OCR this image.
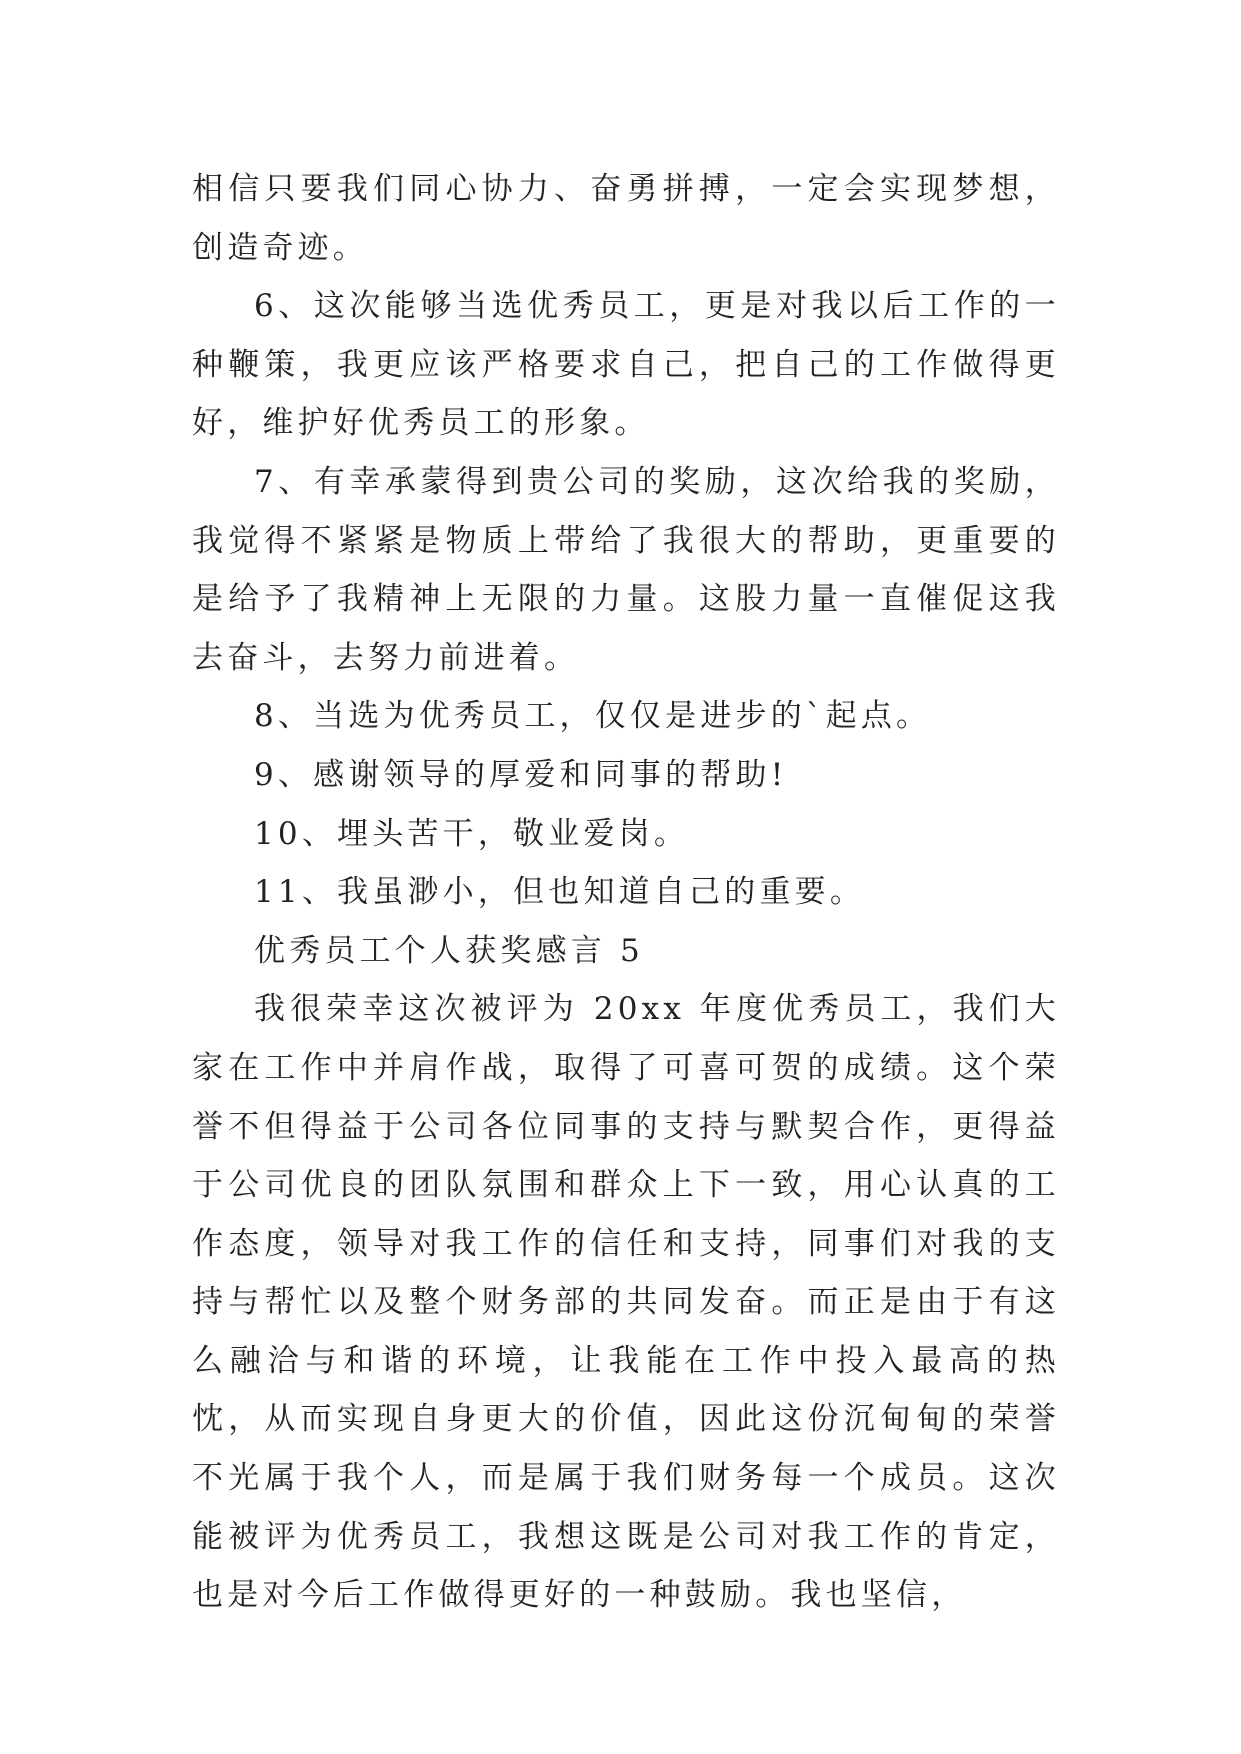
相信只要我们同心协力、奋勇拼搏，一定会实现梦想，创造奇迹。

6、这次能够当选优秀员工，更是对我以后工作的一种鞭策，我更应该严格要求自己，把自己的工作做得更好，维护好优秀员工的形象。

7、有幸承蒙得到贵公司的奖励，这次给我的奖励，我觉得不紧紧是物质上带给了我很大的帮助，更重要的是给予了我精神上无限的力量。这股力量一直催促这我去奋斗，去努力前进着。

8、当选为优秀员工，仅仅是进步的`起点。

9、感谢领导的厚爱和同事的帮助!

10、埋头苦干，敬业爱岗。

11、我虽渺小，但也知道自己的重要。

优秀员工个人获奖感言 5

我很荣幸这次被评为 20xx 年度优秀员工，我们大家在工作中并肩作战，取得了可喜可贺的成绩。这个荣誉不但得益于公司各位同事的支持与默契合作，更得益于公司优良的团队氛围和群众上下一致，用心认真的工作态度，领导对我工作的信任和支持，同事们对我的支持与帮忙以及整个财务部的共同发奋。而正是由于有这么融洽与和谐的环境，让我能在工作中投入最高的热忱，从而实现自身更大的价值，因此这份沉甸甸的荣誉不光属于我个人，而是属于我们财务每一个成员。这次能被评为优秀员工，我想这既是公司对我工作的肯定，也是对今后工作做得更好的一种鼓励。我也坚信，
